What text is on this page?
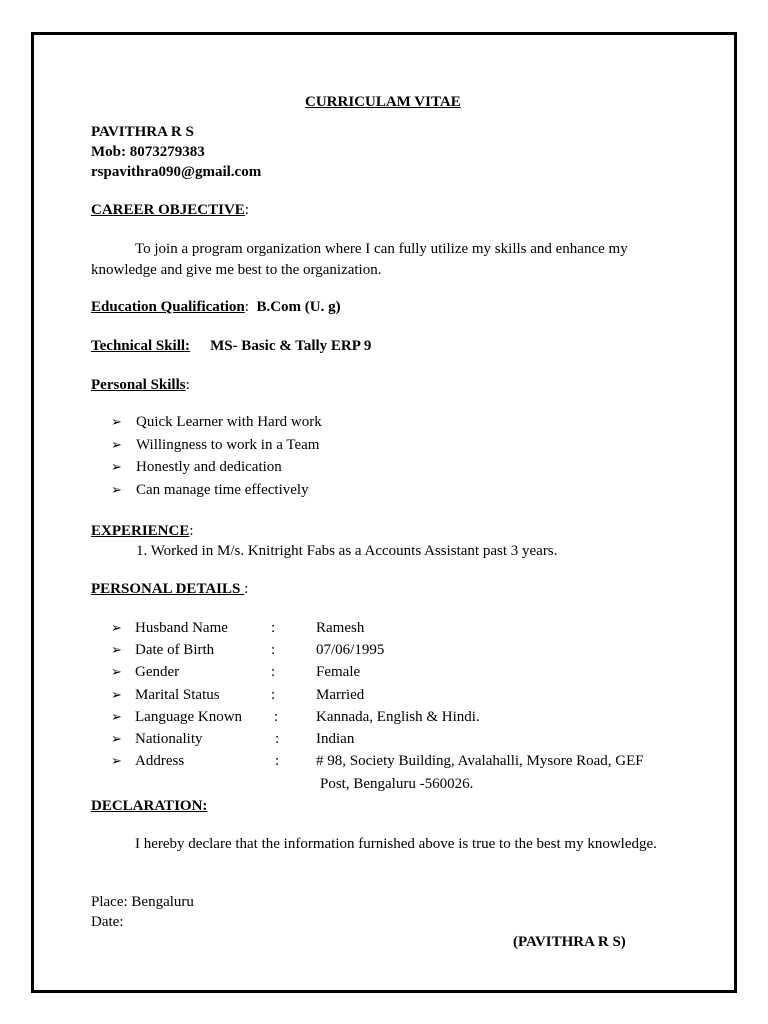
CURRICULAM VITAE
PAVITHRA R S
Mob: 8073279383
rspavithra090@gmail.com
CAREER OBJECTIVE:
To join a program organization where I can fully utilize my skills and enhance my knowledge and give me best to the organization.
Education Qualification:  B.Com (U. g)
Technical Skill: MS- Basic & Tally ERP 9
Personal Skills:
➢ Quick Learner with Hard work
➢ Willingness to work in a Team
➢ Honestly and dedication
➢ Can manage time effectively
EXPERIENCE:
1. Worked in M/s. Knitright Fabs as a Accounts Assistant past 3 years.
PERSONAL DETAILS :
➢ Husband Name	:	Ramesh
➢ Date of Birth	:	07/06/1995
➢ Gender	:	Female
➢ Marital Status	:	Married
➢ Language Known :	Kannada, English & Hindi.
➢ Nationality	: Indian
➢ Address	: # 98, Society Building, Avalahalli, Mysore Road, GEF
Post, Bengaluru -560026.
DECLARATION:
I hereby declare that the information furnished above is true to the best my knowledge.
Place: Bengaluru
Date:
(PAVITHRA R S)
